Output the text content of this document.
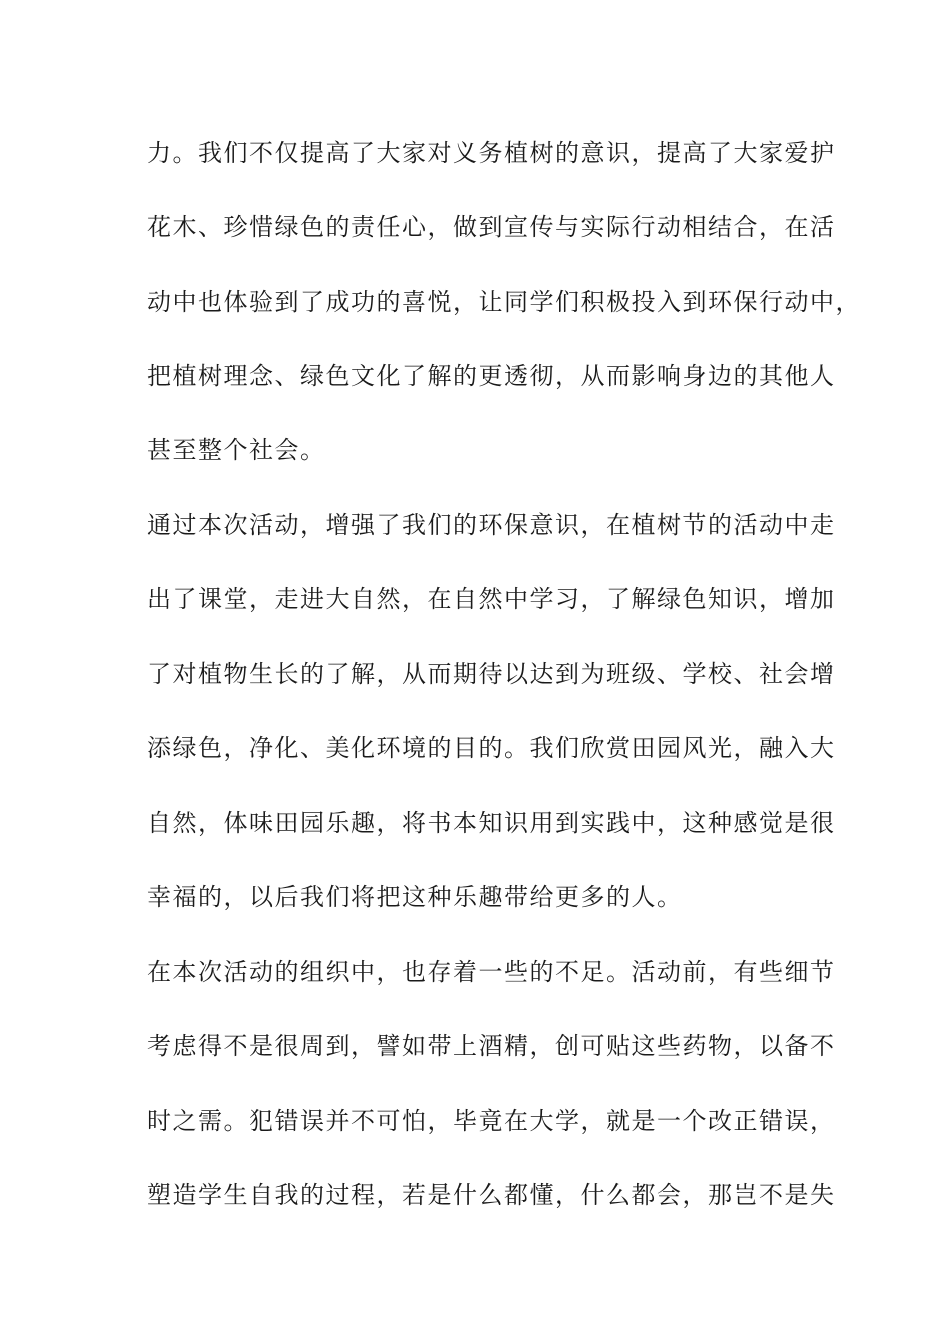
力。我们不仅提高了大家对义务植树的意识，提高了大家爱护
花木、珍惜绿色的责任心，做到宣传与实际行动相结合，在活
动中也体验到了成功的喜悦，让同学们积极投入到环保行动中，
把植树理念、绿色文化了解的更透彻，从而影响身边的其他人
甚至整个社会。
通过本次活动，增强了我们的环保意识，在植树节的活动中走
出了课堂，走进大自然，在自然中学习，了解绿色知识，增加
了对植物生长的了解，从而期待以达到为班级、学校、社会增
添绿色，净化、美化环境的目的。我们欣赏田园风光，融入大
自然，体味田园乐趣，将书本知识用到实践中，这种感觉是很
幸福的，以后我们将把这种乐趣带给更多的人。
在本次活动的组织中，也存着一些的不足。活动前，有些细节
考虑得不是很周到，譬如带上酒精，创可贴这些药物，以备不
时之需。犯错误并不可怕，毕竟在大学，就是一个改正错误，
塑造学生自我的过程，若是什么都懂，什么都会，那岂不是失
